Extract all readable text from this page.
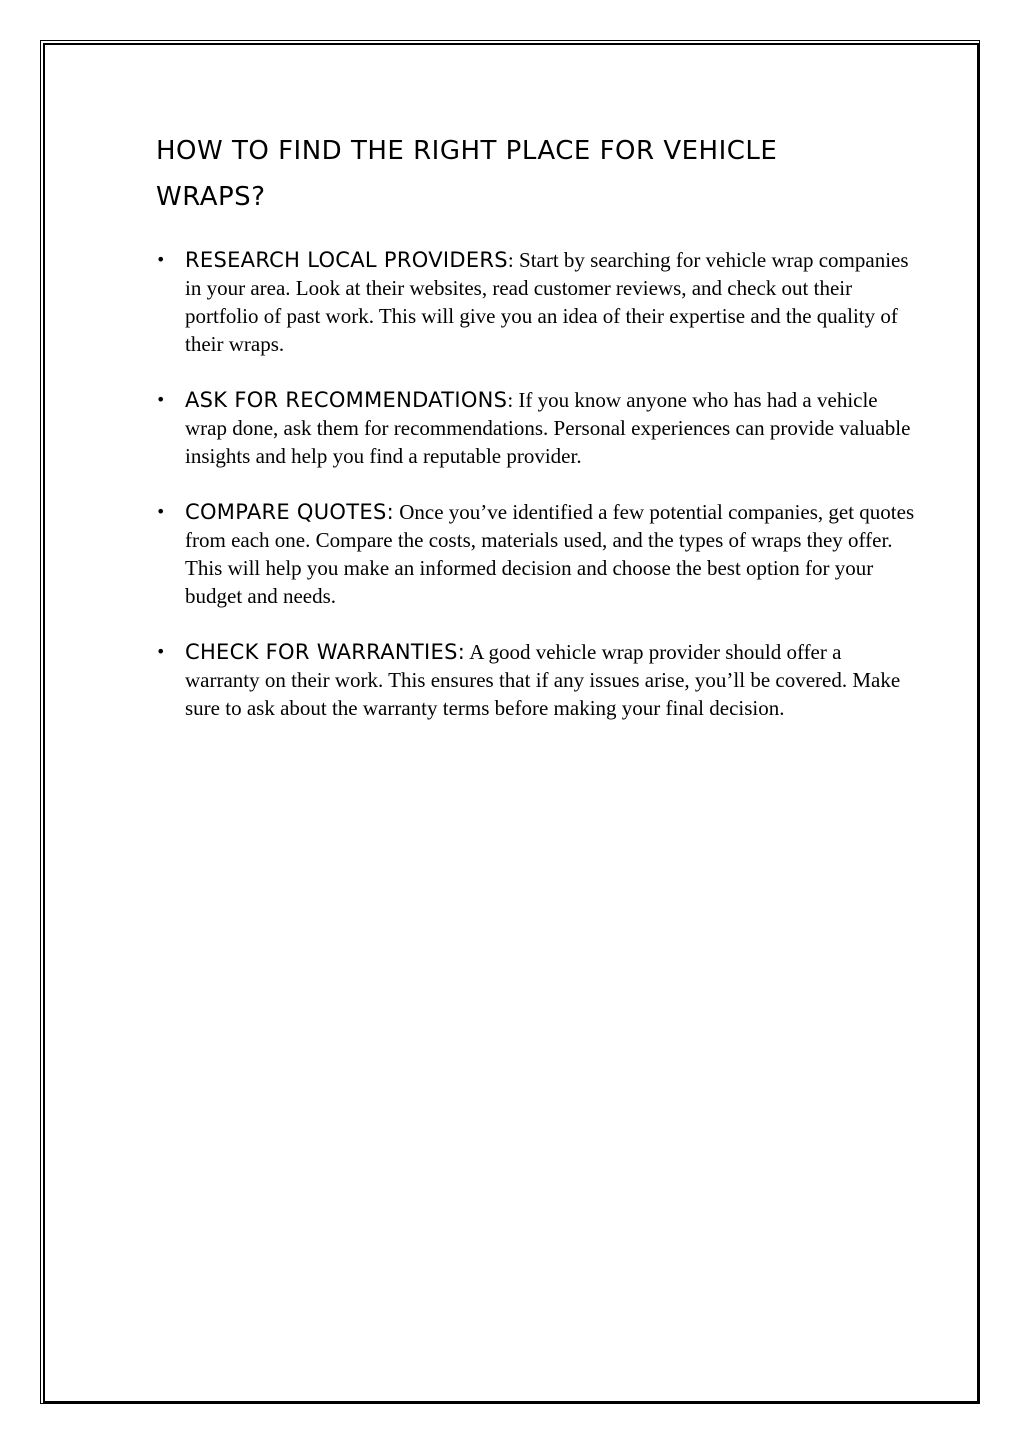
HOW TO FIND THE RIGHT PLACE FOR VEHICLE WRAPS?
• RESEARCH LOCAL PROVIDERS: Start by searching for vehicle wrap companies in your area. Look at their websites, read customer reviews, and check out their portfolio of past work. This will give you an idea of their expertise and the quality of their wraps.
• ASK FOR RECOMMENDATIONS: If you know anyone who has had a vehicle wrap done, ask them for recommendations. Personal experiences can provide valuable insights and help you find a reputable provider.
• COMPARE QUOTES: Once you’ve identified a few potential companies, get quotes from each one. Compare the costs, materials used, and the types of wraps they offer. This will help you make an informed decision and choose the best option for your budget and needs.
• CHECK FOR WARRANTIES: A good vehicle wrap provider should offer a warranty on their work. This ensures that if any issues arise, you’ll be covered. Make sure to ask about the warranty terms before making your final decision.
